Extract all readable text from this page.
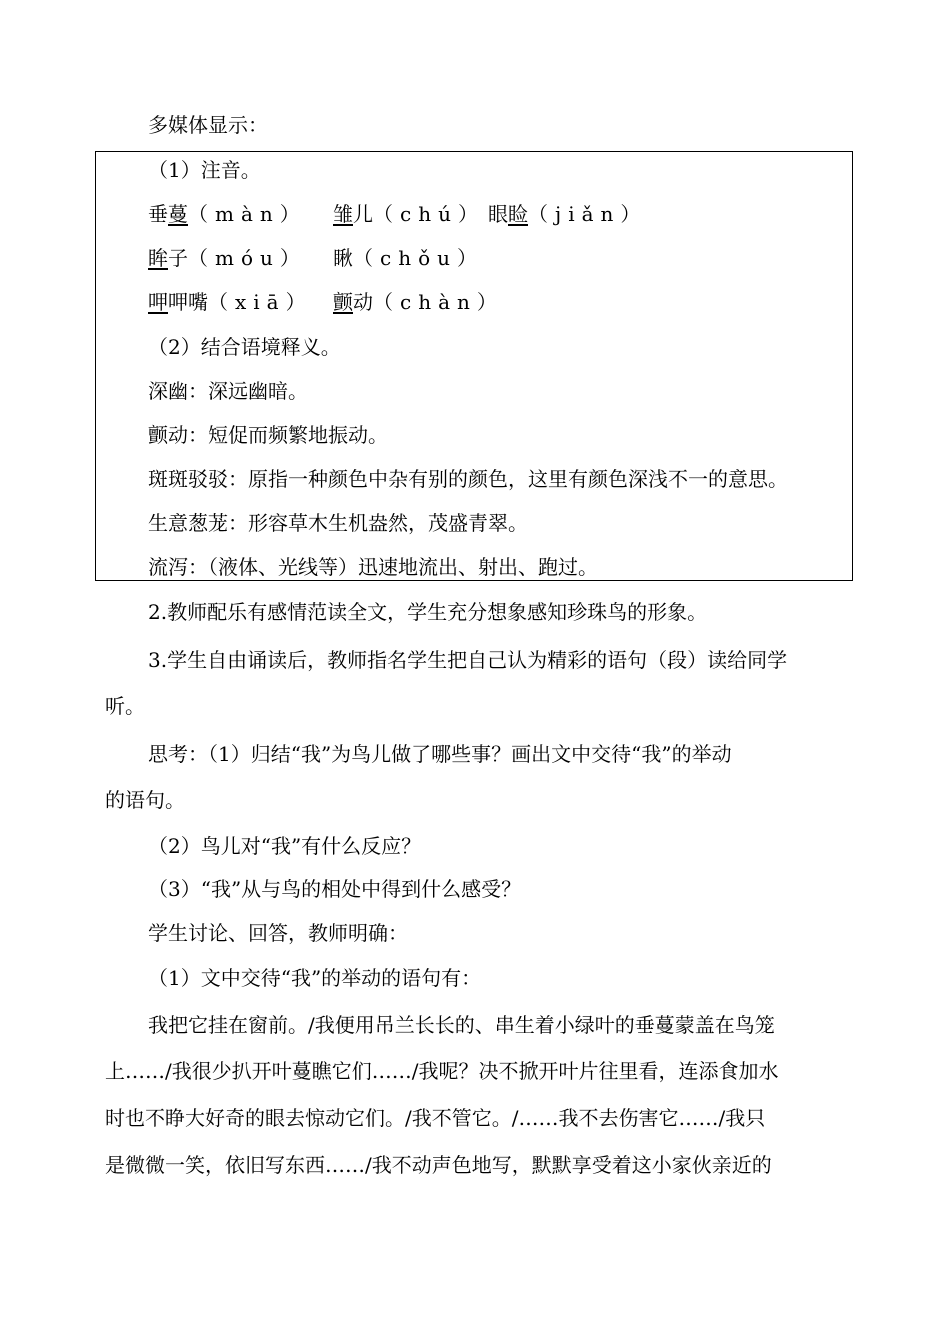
多媒体显示：
（1）注音。
垂蔓（màn） 雏儿（chú） 眼睑（jiǎn）
眸子（móu） 瞅（chǒu）
呷呷嘴（xiā） 颤动（chàn）
（2）结合语境释义。
深幽：深远幽暗。
颤动：短促而频繁地振动。
斑斑驳驳：原指一种颜色中杂有别的颜色，这里有颜色深浅不一的意思。
生意葱茏：形容草木生机盎然，茂盛青翠。
流泻：（液体、光线等）迅速地流出、射出、跑过。
2.教师配乐有感情范读全文，学生充分想象感知珍珠鸟的形象。
3.学生自由诵读后，教师指名学生把自己认为精彩的语句（段）读给同学
听。
思考：（1）归结“我”为鸟儿做了哪些事？画出文中交待“我”的举动
的语句。
（2）鸟儿对“我”有什么反应？
（3）“我”从与鸟的相处中得到什么感受？
学生讨论、回答，教师明确：
（1）文中交待“我”的举动的语句有：
我把它挂在窗前。/我便用吊兰长长的、串生着小绿叶的垂蔓蒙盖在鸟笼
上……/我很少扒开叶蔓瞧它们……/我呢？决不掀开叶片往里看，连添食加水
时也不睁大好奇的眼去惊动它们。/我不管它。/……我不去伤害它……/我只
是微微一笑，依旧写东西……/我不动声色地写，默默享受着这小家伙亲近的
